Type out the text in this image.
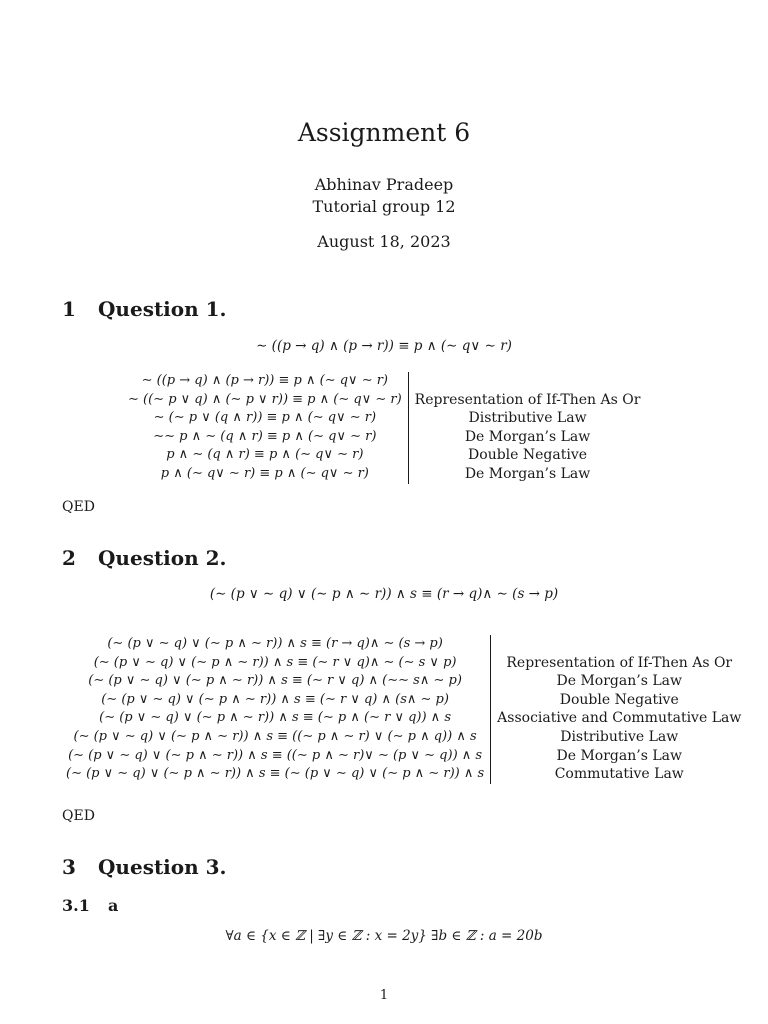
Assignment 6
Abhinav Pradeep
Tutorial group 12
August 18, 2023
1 Question 1.
∼ ((p → q) ∧ (p → r)) ≡ p ∧ (∼ q∨ ∼ r)
∼ ((p → q) ∧ (p → r)) ≡ p ∧ (∼ q∨ ∼ r)
∼ ((∼ p ∨ q) ∧ (∼ p ∨ r)) ≡ p ∧ (∼ q∨ ∼ r)
∼ (∼ p ∨ (q ∧ r)) ≡ p ∧ (∼ q∨ ∼ r)
∼∼ p ∧ ∼ (q ∧ r) ≡ p ∧ (∼ q∨ ∼ r)
p ∧ ∼ (q ∧ r) ≡ p ∧ (∼ q∨ ∼ r)
p ∧ (∼ q∨ ∼ r) ≡ p ∧ (∼ q∨ ∼ r)
Representation of If-Then As Or
Distributive Law
De Morgan’s Law
Double Negative
De Morgan’s Law
QED
2 Question 2.
(∼ (p ∨ ∼ q) ∨ (∼ p ∧ ∼ r)) ∧ s ≡ (r → q)∧ ∼ (s → p)
(∼ (p ∨ ∼ q) ∨ (∼ p ∧ ∼ r)) ∧ s ≡ (r → q)∧ ∼ (s → p)
(∼ (p ∨ ∼ q) ∨ (∼ p ∧ ∼ r)) ∧ s ≡ (∼ r ∨ q)∧ ∼ (∼ s ∨ p)
(∼ (p ∨ ∼ q) ∨ (∼ p ∧ ∼ r)) ∧ s ≡ (∼ r ∨ q) ∧ (∼∼ s∧ ∼ p)
(∼ (p ∨ ∼ q) ∨ (∼ p ∧ ∼ r)) ∧ s ≡ (∼ r ∨ q) ∧ (s∧ ∼ p)
(∼ (p ∨ ∼ q) ∨ (∼ p ∧ ∼ r)) ∧ s ≡ (∼ p ∧ (∼ r ∨ q)) ∧ s
(∼ (p ∨ ∼ q) ∨ (∼ p ∧ ∼ r)) ∧ s ≡ ((∼ p ∧ ∼ r) ∨ (∼ p ∧ q)) ∧ s
(∼ (p ∨ ∼ q) ∨ (∼ p ∧ ∼ r)) ∧ s ≡ ((∼ p ∧ ∼ r)∨ ∼ (p ∨ ∼ q)) ∧ s
(∼ (p ∨ ∼ q) ∨ (∼ p ∧ ∼ r)) ∧ s ≡ (∼ (p ∨ ∼ q) ∨ (∼ p ∧ ∼ r)) ∧ s
Representation of If-Then As Or
De Morgan’s Law
Double Negative
Associative and Commutative Law
Distributive Law
De Morgan’s Law
Commutative Law
QED
3 Question 3.
3.1 a
∀a ∈ {x ∈ ℤ | ∃y ∈ ℤ : x = 2y} ∃b ∈ ℤ : a = 20b
1
